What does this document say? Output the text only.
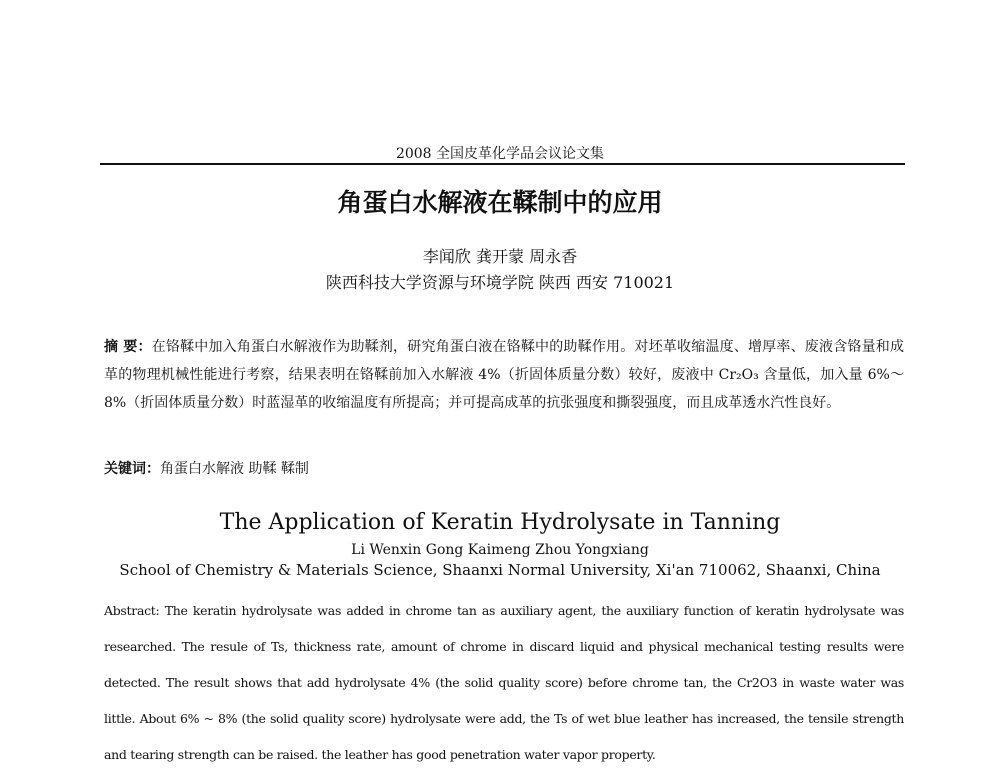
2008 全国皮革化学品会议论文集
角蛋白水解液在鞣制中的应用
李闻欣 龚开蒙 周永香
陕西科技大学资源与环境学院 陕西 西安 710021

摘 要：在铬鞣中加入角蛋白水解液作为助鞣剂，研究角蛋白液在铬鞣中的助鞣作用。对坯革收缩温度、增厚率、废液含铬量和成革的物理机械性能进行考察，结果表明在铬鞣前加入水解液 4%（折固体质量分数）较好，废液中 Cr₂O₃ 含量低，加入量 6%～8%（折固体质量分数）时蓝湿革的收缩温度有所提高；并可提高成革的抗张强度和撕裂强度，而且成革透水汽性良好。

关键词：角蛋白水解液 助鞣 鞣制
The Application of Keratin Hydrolysate in Tanning
Li Wenxin Gong Kaimeng Zhou Yongxiang
School of Chemistry & Materials Science, Shaanxi Normal University, Xi'an 710062, Shaanxi, China

Abstract: The keratin hydrolysate was added in chrome tan as auxiliary agent, the auxiliary function of keratin hydrolysate was researched. The resule of Ts, thickness rate, amount of chrome in discard liquid and physical mechanical testing results were detected. The result shows that add hydrolysate 4% (the solid quality score) before chrome tan, the Cr2O3 in waste water was little. About 6% ~ 8% (the solid quality score) hydrolysate were add, the Ts of wet blue leather has increased, the tensile strength and tearing strength can be raised. the leather has good penetration water vapor property.
